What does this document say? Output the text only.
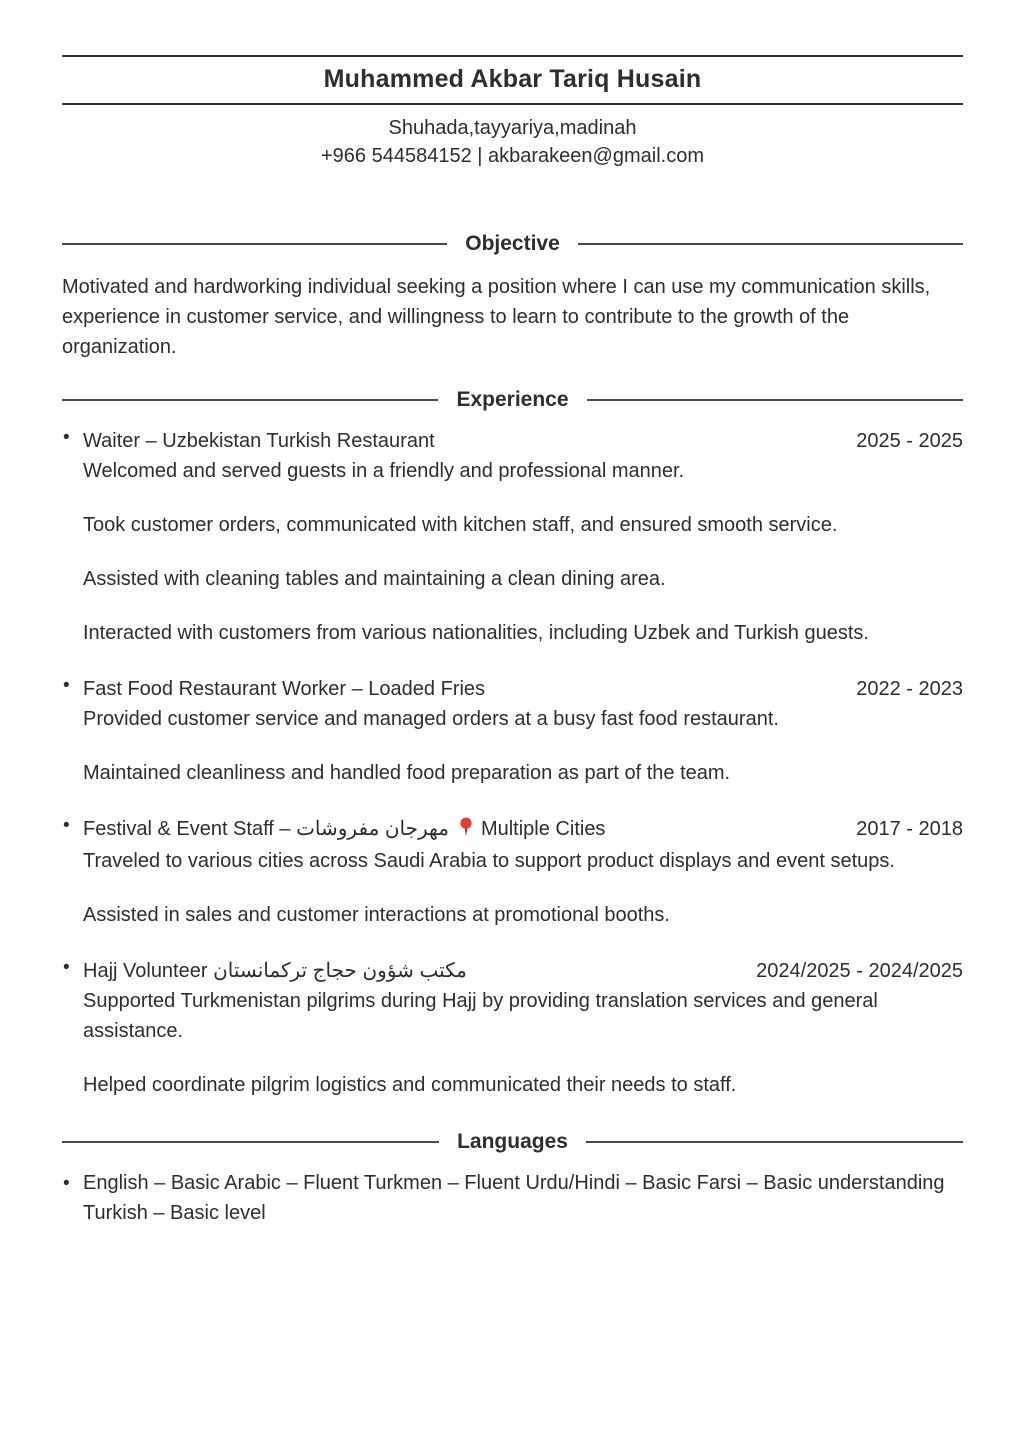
Muhammed Akbar Tariq Husain
Shuhada,tayyariya,madinah
+966 544584152 | akbarakeen@gmail.com
Objective

Motivated and hardworking individual seeking a position where I can use my communication skills, experience in customer service, and willingness to learn to contribute to the growth of the organization.

Experience
• Waiter – Uzbekistan Turkish Restaurant	2025 - 2025

Welcomed and served guests in a friendly and professional manner.

Took customer orders, communicated with kitchen staff, and ensured smooth service.

Assisted with cleaning tables and maintaining a clean dining area.

Interacted with customers from various nationalities, including Uzbek and Turkish guests.

• Fast Food Restaurant Worker – Loaded Fries	2022 - 2023

Provided customer service and managed orders at a busy fast food restaurant.

Maintained cleanliness and handled food preparation as part of the team.

• Festival & Event Staff – مهرجان مفروشات Multiple Cities	2017 - 2018

Traveled to various cities across Saudi Arabia to support product displays and event setups.

Assisted in sales and customer interactions at promotional booths.

• Hajj Volunteer مكتب شؤون حجاج تركمانستان	2024/2025 - 2024/2025

Supported Turkmenistan pilgrims during Hajj by providing translation services and general assistance.

Helped coordinate pilgrim logistics and communicated their needs to staff.

Languages
• English – Basic Arabic – Fluent Turkmen – Fluent Urdu/Hindi – Basic Farsi – Basic understanding Turkish – Basic level
